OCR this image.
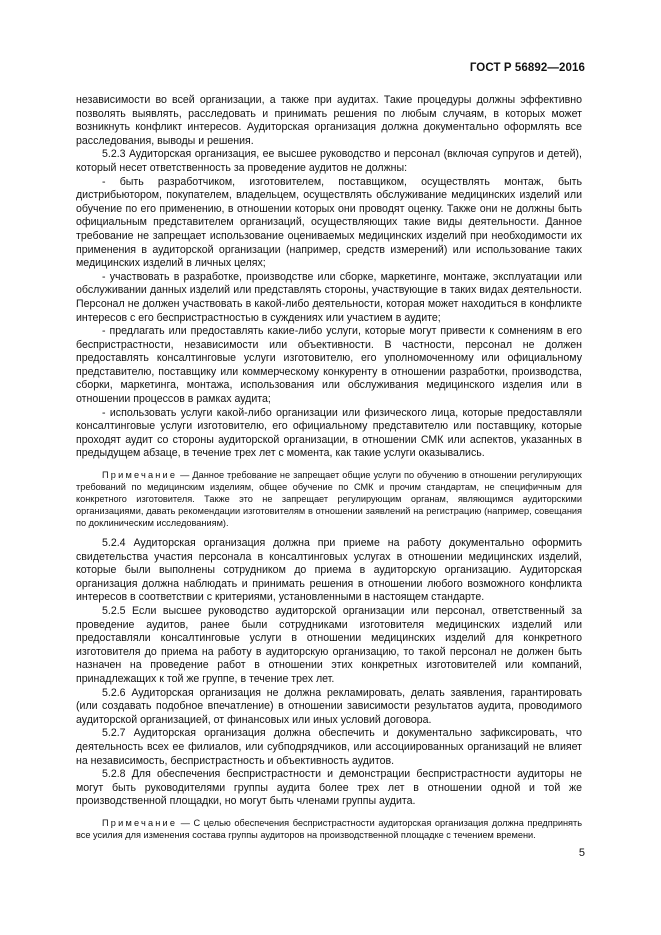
ГОСТ Р 56892—2016

независимости во всей организации, а также при аудитах. Такие процедуры должны эффективно позволять выявлять, расследовать и принимать решения по любым случаям, в которых может возникнуть конфликт интересов. Аудиторская организация должна документально оформлять все расследования, выводы и решения.

5.2.3 Аудиторская организация, ее высшее руководство и персонал (включая супругов и детей), который несет ответственность за проведение аудитов не должны:

- быть разработчиком, изготовителем, поставщиком, осуществлять монтаж, быть дистрибьютором, покупателем, владельцем, осуществлять обслуживание медицинских изделий или обучение по его применению, в отношении которых они проводят оценку. Также они не должны быть официальным представителем организаций, осуществляющих такие виды деятельности. Данное требование не запрещает использование оцениваемых медицинских изделий при необходимости их применения в аудиторской организации (например, средств измерений) или использование таких медицинских изделий в личных целях;

- участвовать в разработке, производстве или сборке, маркетинге, монтаже, эксплуатации или обслуживании данных изделий или представлять стороны, участвующие в таких видах деятельности. Персонал не должен участвовать в какой-либо деятельности, которая может находиться в конфликте интересов с его беспристрастностью в суждениях или участием в аудите;

- предлагать или предоставлять какие-либо услуги, которые могут привести к сомнениям в его беспристрастности, независимости или объективности. В частности, персонал не должен предоставлять консалтинговые услуги изготовителю, его уполномоченному или официальному представителю, поставщику или коммерческому конкуренту в отношении разработки, производства, сборки, маркетинга, монтажа, использования или обслуживания медицинского изделия или в отношении процессов в рамках аудита;

- использовать услуги какой-либо организации или физического лица, которые предоставляли консалтинговые услуги изготовителю, его официальному представителю или поставщику, которые проходят аудит со стороны аудиторской организации, в отношении СМК или аспектов, указанных в предыдущем абзаце, в течение трех лет с момента, как такие услуги оказывались.

Примечание — Данное требование не запрещает общие услуги по обучению в отношении регулирующих требований по медицинским изделиям, общее обучение по СМК и прочим стандартам, не специфичным для конкретного изготовителя. Также это не запрещает регулирующим органам, являющимся аудиторскими организациями, давать рекомендации изготовителям в отношении заявлений на регистрацию (например, совещания по доклиническим исследованиям).

5.2.4 Аудиторская организация должна при приеме на работу документально оформить свидетельства участия персонала в консалтинговых услугах в отношении медицинских изделий, которые были выполнены сотрудником до приема в аудиторскую организацию. Аудиторская организация должна наблюдать и принимать решения в отношении любого возможного конфликта интересов в соответствии с критериями, установленными в настоящем стандарте.

5.2.5 Если высшее руководство аудиторской организации или персонал, ответственный за проведение аудитов, ранее были сотрудниками изготовителя медицинских изделий или предоставляли консалтинговые услуги в отношении медицинских изделий для конкретного изготовителя до приема на работу в аудиторскую организацию, то такой персонал не должен быть назначен на проведение работ в отношении этих конкретных изготовителей или компаний, принадлежащих к той же группе, в течение трех лет.

5.2.6 Аудиторская организация не должна рекламировать, делать заявления, гарантировать (или создавать подобное впечатление) в отношении зависимости результатов аудита, проводимого аудиторской организацией, от финансовых или иных условий договора.

5.2.7 Аудиторская организация должна обеспечить и документально зафиксировать, что деятельность всех ее филиалов, или субподрядчиков, или ассоциированных организаций не влияет на независимость, беспристрастность и объективность аудитов.

5.2.8 Для обеспечения беспристрастности и демонстрации беспристрастности аудиторы не могут быть руководителями группы аудита более трех лет в отношении одной и той же производственной площадки, но могут быть членами группы аудита.

Примечание — С целью обеспечения беспристрастности аудиторская организация должна предпринять все усилия для изменения состава группы аудиторов на производственной площадке с течением времени.

5
